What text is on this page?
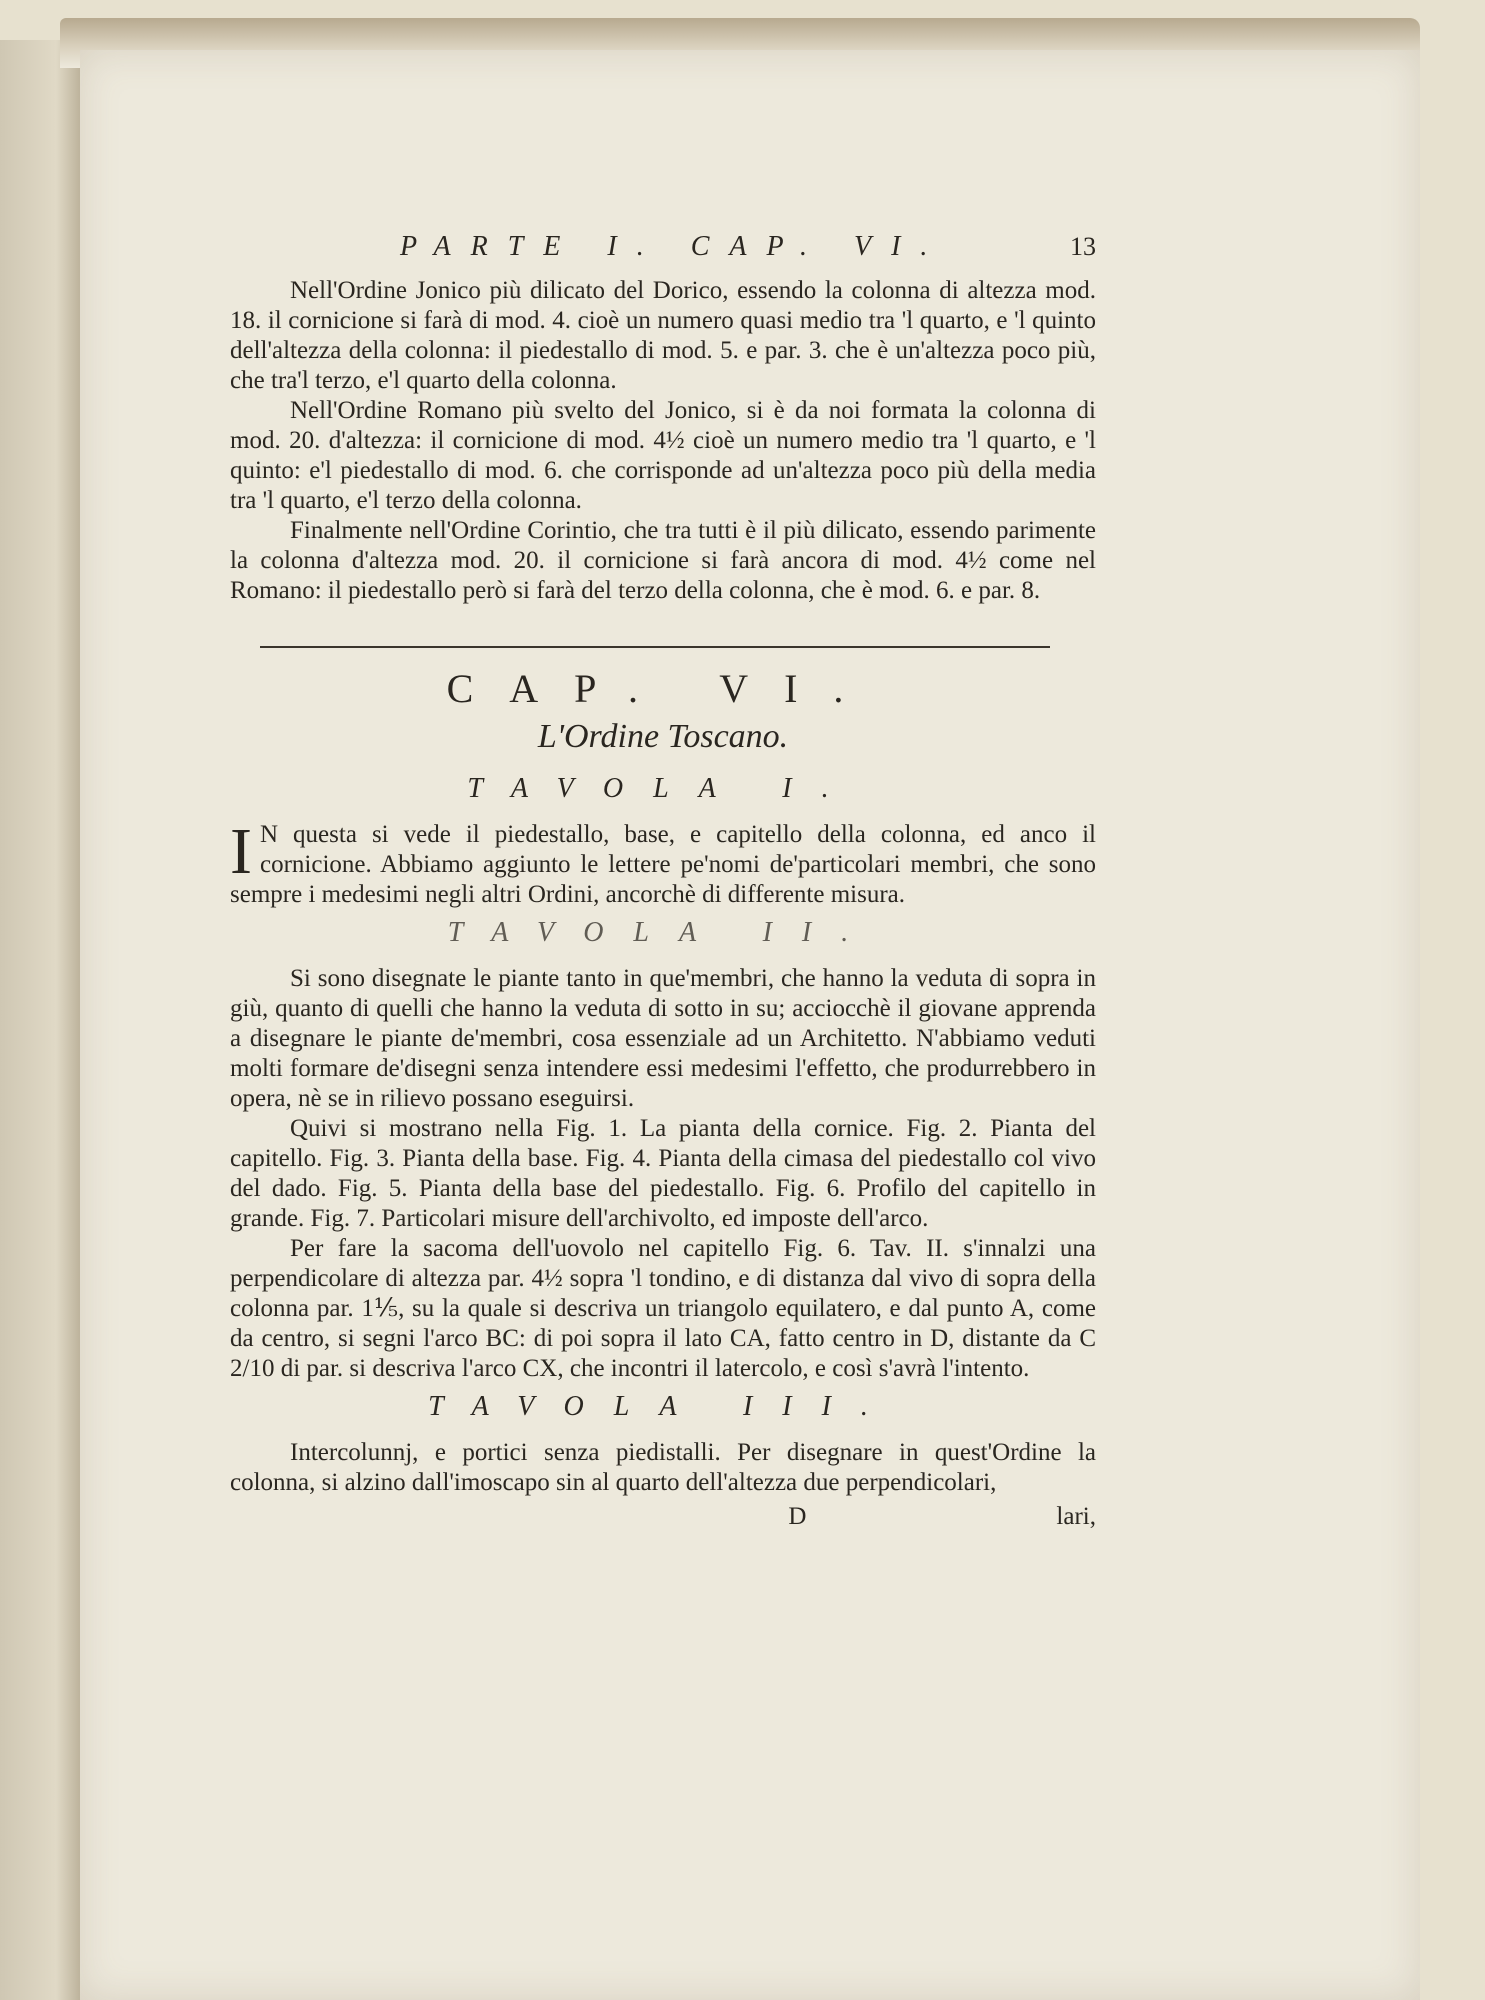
PARTE I. CAP. VI.	13

Nell'Ordine Jonico più dilicato del Dorico, essendo la colonna di altezza mod. 18. il cornicione si farà di mod. 4. cioè un numero quasi medio tra 'l quarto, e 'l quinto dell'altezza della colonna: il piedestallo di mod. 5. e par. 3. che è un'altezza poco più, che tra'l terzo, e'l quarto della colonna.

Nell'Ordine Romano più svelto del Jonico, si è da noi formata la colonna di mod. 20. d'altezza: il cornicione di mod. 4½ cioè un numero medio tra 'l quarto, e 'l quinto: e'l piedestallo di mod. 6. che corrisponde ad un'altezza poco più della media tra 'l quarto, e'l terzo della colonna.

Finalmente nell'Ordine Corintio, che tra tutti è il più dilicato, essendo parimente la colonna d'altezza mod. 20. il cornicione si farà ancora di mod. 4½ come nel Romano: il piedestallo però si farà del terzo della colonna, che è mod. 6. e par. 8.

CAP. VI.
L'Ordine Toscano.
TAVOLA I.

I N questa si vede il piedestallo, base, e capitello della colonna, ed anco il cornicione. Abbiamo aggiunto le lettere pe'nomi de'particolari membri, che sono sempre i medesimi negli altri Ordini, ancorchè di differente misura.

TAVOLA II.

Si sono disegnate le piante tanto in que'membri, che hanno la veduta di sopra in giù, quanto di quelli che hanno la veduta di sotto in su; acciocchè il giovane apprenda a disegnare le piante de'membri, cosa essenziale ad un Architetto. N'abbiamo veduti molti formare de'disegni senza intendere essi medesimi l'effetto, che produrrebbero in opera, nè se in rilievo possano eseguirsi.

Quivi si mostrano nella Fig. 1. La pianta della cornice. Fig. 2. Pianta del capitello. Fig. 3. Pianta della base. Fig. 4. Pianta della cimasa del piedestallo col vivo del dado. Fig. 5. Pianta della base del piedestallo. Fig. 6. Profilo del capitello in grande. Fig. 7. Particolari misure dell'archivolto, ed imposte dell'arco.

Per fare la sacoma dell'uovolo nel capitello Fig. 6. Tav. II. s'innalzi una perpendicolare di altezza par. 4½ sopra 'l tondino, e di distanza dal vivo di sopra della colonna par. 1⅕, su la quale si descriva un triangolo equilatero, e dal punto A, come da centro, si segni l'arco BC: di poi sopra il lato CA, fatto centro in D, distante da C 2/10 di par. si descriva l'arco CX, che incontri il latercolo, e così s'avrà l'intento.

TAVOLA III.

Intercolunnj, e portici senza piedistalli. Per disegnare in quest'Ordine la colonna, si alzino dall'imoscapo sin al quarto dell'altezza due perpendicolari,

D	lari,
